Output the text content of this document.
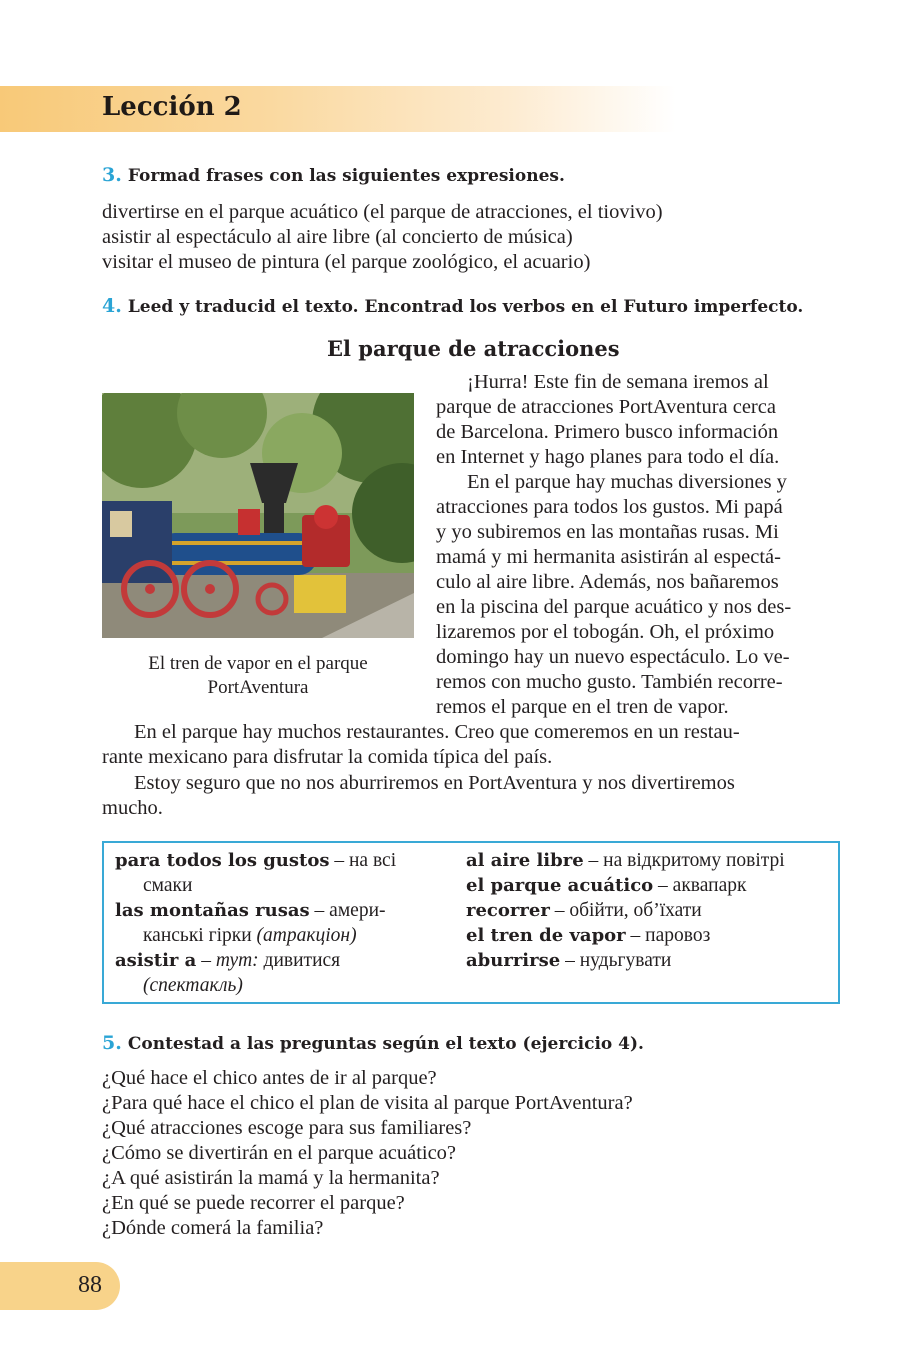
Lección 2
3. Formad frases con las siguientes expresiones.
divertirse en el parque acuático (el parque de atracciones, el tiovivo)
asistir al espectáculo al aire libre (al concierto de música)
visitar el museo de pintura (el parque zoológico, el acuario)
4. Leed y traducid el texto. Encontrad los verbos en el Futuro imperfecto.
El parque de atracciones
El tren de vapor en el parque
PortAventura
¡Hurra! Este fin de semana iremos al
parque de atracciones PortAventura cerca
de Barcelona. Primero busco información
en Internet y hago planes para todo el día.
En el parque hay muchas diversiones y
atracciones para todos los gustos. Mi papá
y yo subiremos en las montañas rusas. Mi
mamá y mi hermanita asistirán al espectá-
culo al aire libre. Además, nos bañaremos
en la piscina del parque acuático y nos des-
lizaremos por el tobogán. Oh, el próximo
domingo hay un nuevo espectáculo. Lo ve-
remos con mucho gusto. También recorre-
remos el parque en el tren de vapor.
En el parque hay muchos restaurantes. Creo que comeremos en un restau-
rante mexicano para disfrutar la comida típica del país.
Estoy seguro que no nos aburriremos en PortAventura y nos divertiremos
mucho.
para todos los gustos – на всі
смаки
las montañas rusas – амери-
канські гірки (атракціон)
asistir a – тут: дивитися
(спектакль)
al aire libre – на відкритому повітрі
el parque acuático – аквапарк
recorrer – обійти, об’їхати
el tren de vapor – паровоз
aburrirse – нудьгувати
5. Contestad a las preguntas según el texto (ejercicio 4).
¿Qué hace el chico antes de ir al parque?
¿Para qué hace el chico el plan de visita al parque PortAventura?
¿Qué atracciones escoge para sus familiares?
¿Cómo se divertirán en el parque acuático?
¿A qué asistirán la mamá y la hermanita?
¿En qué se puede recorrer el parque?
¿Dónde comerá la familia?
88
